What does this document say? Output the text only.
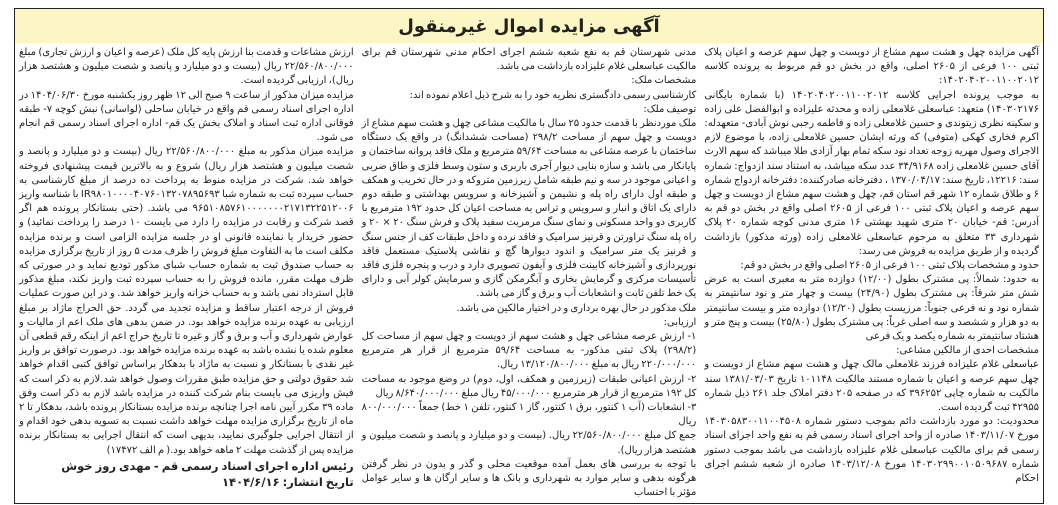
آگهی مزایده اموال غیرمنقول

آگهی مزایده چهل و هشت سهم مشاع از دویست و چهل سهم عرصه و اعیان پلاک ثبتی ۱۰۰ فرعی از ۲۶۰۵ اصلی، واقع در بخش دو قم مربوط به پرونده کلاسه ۱۴۰۲۰۴۰۲۰۰۱۱۰۰۲۰۱۲:

به موجب پرونده اجرایی کلاسه ۱۴۰۲۰۴۰۲۰۰۱۱۰۰۲۰۱۲ (با شماره بایگانی ۱۴۰۳۰۲۱۷۶) متعهد: عباسعلی غلامعلی زاده و محدثه علیزاده و ابوالفضل علی زاده و سکینه نظری زیتوندی و حسین غلامعلی زاده و فاطمه رجبی نوش آبادی- متعهدله: اکرم فخاری کهکی (متوفی) که ورثه ایشان حسین غلامعلی زاده، با موضوع لازم الاجرای وصول مهریه زوجه تعداد نود سکه تمام بهار آزادی طلا میباشد که سهم الارث آقای حسین غلامعلی زاده ۳۴/۹۱۶۸ عدد سکه میباشد، به استناد سند ازدواج: شماره سند: ۱۲۲۱۶، تاریخ سند: ۱۳۷۰/۰۴/۱۷ ، دفترخانه صادرکننده: دفترخانه ازدواج شماره ۶ و طلاق شماره ۱۲ شهر قم استان قم، چهل و هشت سهم مشاع از دویست و چهل سهم عرصه و اعیان پلاک ثبتی ۱۰۰ فرعی از ۲۶۰۵ اصلی واقع در بخش دو قم به آدرس: قم- خیابان ۲۰ متری شهید بهشتی ۱۶ متری مدنی کوچه شماره ۲۰ پلاک شهرداری ۳۳ متعلق به مرحوم عباسعلی غلامعلی زاده (ورثه مذکور) بازداشت گردیده و از طریق مزایده به فروش می رسد:

حدود و مشخصات پلاک ثبتی ۱۰۰ فرعی از ۲۶۰۵ اصلی واقع در بخش دو قم:

به حدود: شمالاً: پی مشترک بطول (۱۲/۰۰) دوازده متر به معبری است به عرض شش متر شرقاً: پی مشترک بطول (۲۴/۹۰) بیست و چهار متر و نود سانتیمتر به شماره نود و نه فرعی جنوباً: مرزیست بطول (۱۲/۲۰) دوازده متر و بیست سانتیمتر به دو هزار و ششصد و سه اصلی غرباً: پی مشترک بطول (۲۵/۸۰) بیست و پنج متر و هشتاد سانتیمتر به شماره یکصد و یک فرعی

مشخصات احدی از مالکین مشاعی:

عباسعلی غلام علیزاده فرزند غلامعلی مالک چهل و هشت سهم مشاع از دویست و چهل سهم عرصه و اعیان با شماره مستند مالکیت ۱۰۱۱۴۸ تاریخ ۱۳۸۱/۰۳/۰۳ سند مالکیت به شماره چاپی ۳۹۶۲۵۲ که در صفحه ۲۰۵ دفتر املاک جلد ۲۶۱ ذیل شماره ۴۲۹۵۵ ثبت گردیده است.

محدودیت: دو مورد بازداشت دائم بموجب دستور شماره ۱۴۰۳۰۵۸۳۰۰۱۱۰۰۴۵۰۸ مورخ ۱۴۰۳/۱۱/۰۷ صادره از واحد اجرای اسناد رسمی قم به نفع واحد اجرای اسناد رسمی قم برای مالکیت عباسعلی غلام علیزاده بازداشت می باشد بموجب دستور شماره ۱۴۰۳۰۲۹۹۰۰۱۰۵۰۹۶۸۷ مورخ ۱۴۰۳/۱۲/۰۸ صادره از شعبه ششم اجرای احکام

مدنی شهرستان قم به نفع شعبه ششم اجرای احکام مدنی شهرستان قم برای مالکیت عباسعلی غلام علیزاده بازداشت می باشد.

مشخصات ملک:

کارشناسی رسمی دادگستری نظریه خود را به شرح ذیل اعلام نموده اند:

توصیف ملک:

ملک موردنظر با قدمت حدود ۲۵ سال با مالکیت مشاعی چهل و هشت سهم مشاع از دویست و چهل سهم از مساحت ۲۹۸/۲ (مساحت ششدانگ) در واقع یک دستگاه ساختمان با عرصه مشاعی به مساحت ۵۹/۶۴ مترمربع و ملک فاقد پروانه ساختمان و پایانکار می باشد و سازه بنایی دیوار آجری باربری و ستون وسط فلزی و طاق ضربی و اعیانی موجود در سه و نیم طبقه شامل زیرزمین متروکه و در حال تخریب و همکف و طبقه اول دارای راه پله و نشیمن و آشپزخانه و سرویس بهداشتی و طبقه دوم دارای یک اتاق و انبار و سرویس و تراس به مساحت اعیان کل حدود ۱۹۲ مترمربع با کاربری دو واحد مسکونی و نمای سنگ مرمریت سفید پلاک و فرش سنگ ۲۰ × ۲۰ و راه پله سنگ تراورتن و قرنیز سرامیک و فاقد نرده و داخل طبقات کف از جنس سنگ و قرنیز یک متر سرامیک و اندود دیوارها گچ و نقاشی پلاستیک مستعمل فاقد نورپردازی و آشپزخانه کابینت فلزی و آیفون تصویری دارد و درب و پنجره فلزی فاقد تأسیسات مرکزی و گرمایش بخاری و آبگرمکن گازی و سرمایش کولر آبی و دارای یک خط تلفن ثابت و انشعابات آب و برق و گاز می باشد.

ملک مذکور در حال بهره برداری و در اختیار مالکین می باشد.

ارزیابی:

۱- ارزش عرصه مشاعی چهل و هشت سهم از دویست و چهل سهم از مساحت کل (۲۹۸/۲) پلاک ثبتی مذکور- به مساحت ۵۹/۶۴ مترمربع از قرار هر مترمربع ۲۲۰/۰۰۰/۰۰۰ ریال به مبلغ ۱۳/۱۲۰/۸۰۰/۰۰۰ ریال.

۲- ارزش اعیانی طبقات (زیرزمین و همکف، اول، دوم) در وضع موجود به مساحت کل ۱۹۲ مترمربع از قرار هر مترمربع ۴۵/۰۰۰/۰۰۰ ریال مبلغ ۸/۶۴۰/۰۰۰/۰۰۰ ریال

۳- انشعابات (آب ۱ کنتور، برق ۱ کنتور، گاز ۱ کنتور، تلفن ۱ خط) جمعاً ۸۰۰/۰۰۰/۰۰۰ ریال

جمع کل مبلغ ۲۲/۵۶۰/۸۰۰/۰۰۰ ریال. (بیست و دو میلیارد و پانصد و شصت میلیون و هشتصد هزار ریال).

با توجه به بررسی های بعمل آمده موقعیت محلی و گذر و بدون در نظر گرفتن هرگونه بدهی و سایر موارد به شهرداری و بانک ها و سایر ارگان ها و سایر عوامل مؤثر با احتساب

ارزش مشاعات و قدمت بنا ارزش پایه کل ملک (عرصه و اعیان و ارزش تجاری) مبلغ ۲۲/۵۶۰/۸۰۰/۰۰۰ ریال (بیست و دو میلیارد و پانصد و شصت میلیون و هشتصد هزار ریال)، ارزیابی گردیده است.

مزایده میزان مذکور از ساعت ۹ صبح الی ۱۲ ظهر روز یکشنبه مورخ ۱۴۰۴/۰۶/۳۰ در اداره اجرای اسناد رسمی قم واقع در خیابان ساحلی (لواسانی) نبش کوچه ۷- طبقه فوقانی اداره ثبت اسناد و املاک بخش یک قم- اداره اجرای اسناد رسمی قم انجام می شود.

مزایده میزان مذکور به مبلغ ۲۲/۵۶۰/۸۰۰/۰۰۰ ریال (بیست و دو میلیارد و پانصد و شصت میلیون و هشتصد هزار ریال) شروع و به بالاترین قیمت پیشنهادی فروخته خواهد شد. شرکت در مزایده منوط به پرداخت ده درصد از مبلغ کارشناسی به حساب سپرده ثبت به شماره شبا IR۹۸۰۱۰۰۰۰۴۰۷۶۰۱۳۲۰۷۸۹۵۶۹۳ با شناسه واریز ۹۶۵۱۰۸۵۷۶۱۰۰۰۰۰۰۰۲۱۷۱۳۲۲۵۱۲۰۰۶ می باشد. (حتی بستانکار پرونده هم اگر قصد شرکت و رقابت در مزایده را دارد می بایست ۱۰ درصد را پرداخت نمائید) و حضور خریدار یا نماینده قانونی او در جلسه مزایده الزامی است و برنده مزایده مکلف است ما به التفاوت مبلغ فروش را ظرف مدت ۵ روز از تاریخ برگزاری مزایده به حساب صندوق ثبت به شماره حساب شبای مذکور تودیع نماید و در صورتی که ظرف مهلت مقرر، مانده فروش را به حساب سپرده ثبت واریز نکند، مبلغ مذکور قابل استرداد نمی باشد و به حساب خزانه واریز خواهد شد. و در این صورت عملیات فروش از درجه اعتبار ساقط و مزایده تجدید می گردد. حق الحراج ماژاد بر مبلغ ارزیابی به عهده برنده مزایده خواهد بود. در ضمن بدهی های ملک اعم از مالیات و عوارض شهرداری و آب و برق و گاز و غیره تا تاریخ حراج اعم از اینکه رقم قطعی آن معلوم شده یا نشده باشد به عهده برنده مزایده خواهد بود. درصورت توافق بر واریز غیر نقدی با بستانکار و نسبت به ماژاد با بدهکار براساس توافق کتبی اقدام خواهد شد حقوق دولتی و حق مزایده طبق مقررات وصول خواهد شد.لازم به ذکر است که فیش واریزی می بایست بنام شرکت کننده در مزایده باشد لازم به ذکر است وفق ماده ۳۹ مکرر آیین نامه اجرا چنانچه برنده مزایده بستانکار پرونده باشد، بدهکار تا ۲ ماه از تاریخ برگزاری مزایده مهلت خواهد داشت نسبت به تسویه بدهی خود اقدام و از انتقال اجرایی جلوگیری نمایید، بدیهی است که انتقال اجرایی به بستانکار برنده مزایده پس از گذشت مهلت ۲ ماهه خواهد بود.( م الف ۱۷۴۷۲)

رئیس اداره اجرای اسناد رسمی قم - مهدی روز خوش

تاریخ انتشار: ۱۴۰۴/۶/۱۶
